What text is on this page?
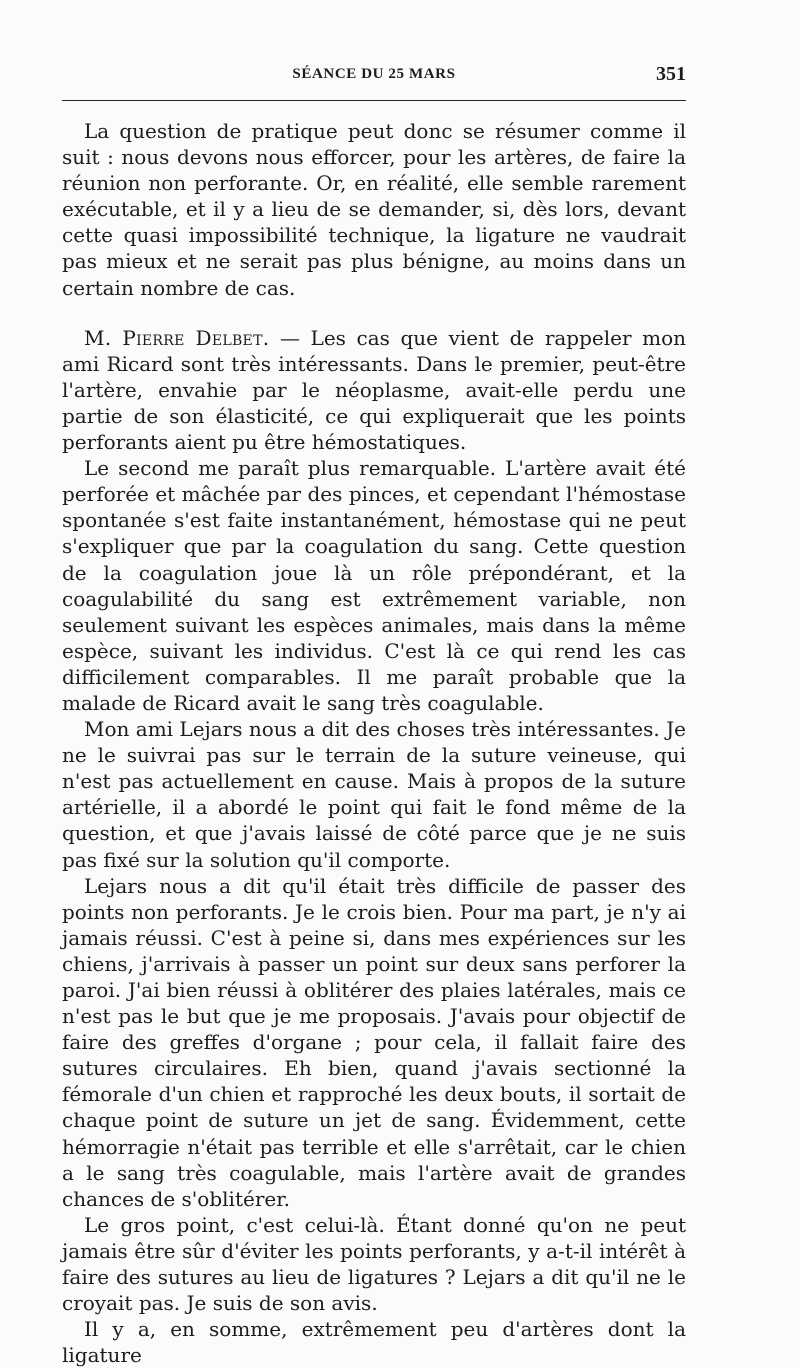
SÉANCE DU 25 MARS	351

La question de pratique peut donc se résumer comme il suit : nous devons nous efforcer, pour les artères, de faire la réunion non perforante. Or, en réalité, elle semble rarement exécutable, et il y a lieu de se demander, si, dès lors, devant cette quasi impossibilité technique, la ligature ne vaudrait pas mieux et ne serait pas plus bénigne, au moins dans un certain nombre de cas.

M. Pierre Delbet. — Les cas que vient de rappeler mon ami Ricard sont très intéressants. Dans le premier, peut-être l'artère, envahie par le néoplasme, avait-elle perdu une partie de son élasticité, ce qui expliquerait que les points perforants aient pu être hémostatiques.

Le second me paraît plus remarquable. L'artère avait été perforée et mâchée par des pinces, et cependant l'hémostase spontanée s'est faite instantanément, hémostase qui ne peut s'expliquer que par la coagulation du sang. Cette question de la coagulation joue là un rôle prépondérant, et la coagulabilité du sang est extrêmement variable, non seulement suivant les espèces animales, mais dans la même espèce, suivant les individus. C'est là ce qui rend les cas difficilement comparables. Il me paraît probable que la malade de Ricard avait le sang très coagulable.

Mon ami Lejars nous a dit des choses très intéressantes. Je ne le suivrai pas sur le terrain de la suture veineuse, qui n'est pas actuellement en cause. Mais à propos de la suture artérielle, il a abordé le point qui fait le fond même de la question, et que j'avais laissé de côté parce que je ne suis pas fixé sur la solution qu'il comporte.

Lejars nous a dit qu'il était très difficile de passer des points non perforants. Je le crois bien. Pour ma part, je n'y ai jamais réussi. C'est à peine si, dans mes expériences sur les chiens, j'arrivais à passer un point sur deux sans perforer la paroi. J'ai bien réussi à oblitérer des plaies latérales, mais ce n'est pas le but que je me proposais. J'avais pour objectif de faire des greffes d'organe ; pour cela, il fallait faire des sutures circulaires. Eh bien, quand j'avais sectionné la fémorale d'un chien et rapproché les deux bouts, il sortait de chaque point de suture un jet de sang. Évidemment, cette hémorragie n'était pas terrible et elle s'arrêtait, car le chien a le sang très coagulable, mais l'artère avait de grandes chances de s'oblitérer.

Le gros point, c'est celui-là. Étant donné qu'on ne peut jamais être sûr d'éviter les points perforants, y a-t-il intérêt à faire des sutures au lieu de ligatures ? Lejars a dit qu'il ne le croyait pas. Je suis de son avis.

Il y a, en somme, extrêmement peu d'artères dont la ligature
